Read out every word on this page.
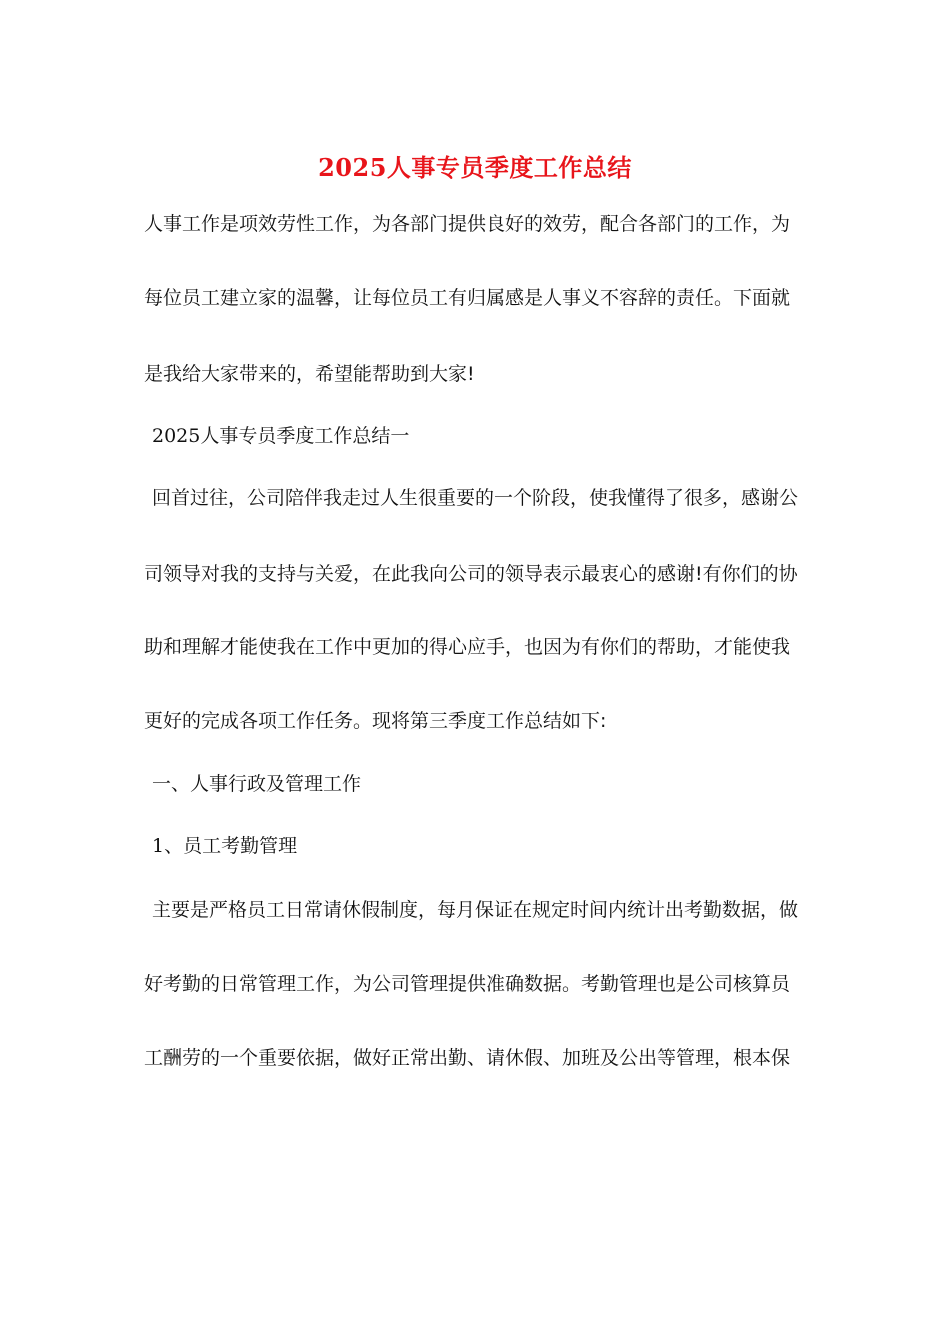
2025人事专员季度工作总结
人事工作是项效劳性工作，为各部门提供良好的效劳，配合各部门的工作，为
每位员工建立家的温馨，让每位员工有归属感是人事义不容辞的责任。下面就
是我给大家带来的，希望能帮助到大家!
2025人事专员季度工作总结一
回首过往，公司陪伴我走过人生很重要的一个阶段，使我懂得了很多，感谢公
司领导对我的支持与关爱，在此我向公司的领导表示最衷心的感谢!有你们的协
助和理解才能使我在工作中更加的得心应手，也因为有你们的帮助，才能使我
更好的完成各项工作任务。现将第三季度工作总结如下:
一、人事行政及管理工作
1、员工考勤管理
主要是严格员工日常请休假制度，每月保证在规定时间内统计出考勤数据，做
好考勤的日常管理工作，为公司管理提供准确数据。考勤管理也是公司核算员
工酬劳的一个重要依据，做好正常出勤、请休假、加班及公出等管理，根本保
